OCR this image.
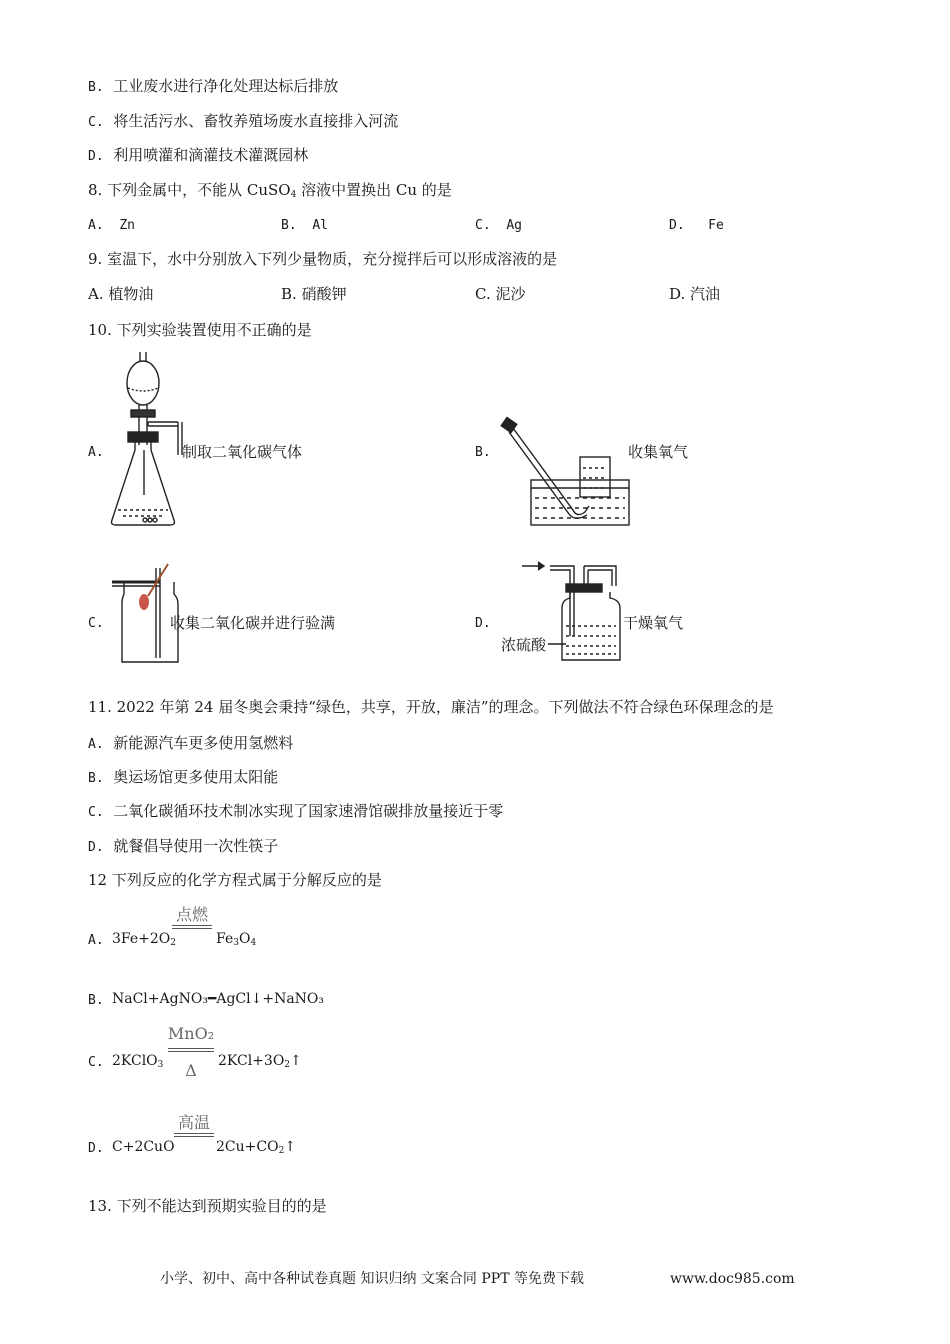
B. 工业废水进行净化处理达标后排放
C. 将生活污水、畜牧养殖场废水直接排入河流
D. 利用喷灌和滴灌技术灌溉园林
8. 下列金属中，不能从 CuSO$_4$ 溶液中置换出 Cu 的是
A. Zn	B. Al	C. Ag	D. Fe
9. 室温下，水中分别放入下列少量物质，充分搅拌后可以形成溶液的是
A. 植物油	B. 硝酸钾	C. 泥沙	D. 汽油
10. 下列实验装置使用不正确的是
A.	制取二氧化碳气体	B.	收集氧气
C.	收集二氧化碳并进行验满	D.
浓硫酸
干燥氧气
11. 2022 年第 24 届冬奥会秉持“绿色，共享，开放，廉洁”的理念。下列做法不符合绿色环保理念的是
A. 新能源汽车更多使用氢燃料
B. 奥运场馆更多使用太阳能
C. 二氧化碳循环技术制冰实现了国家速滑馆碳排放量接近于零
D. 就餐倡导使用一次性筷子
12 下列反应的化学方程式属于分解反应的是
A. $3Fe+2O_2$
点燃
$Fe_3O_4$
B. NaCl+AgNO₃━AgCl↓+NaNO₃
C. 2KClO$_3$
MnO₂
Δ	$2KCl+3O_2↑$
D. C+2CuO
高温
$2Cu+CO_2↑$
13. 下列不能达到预期实验目的的是
小学、初中、高中各种试卷真题 知识归纳 文案合同 PPT 等免费下载	www.doc985.com
